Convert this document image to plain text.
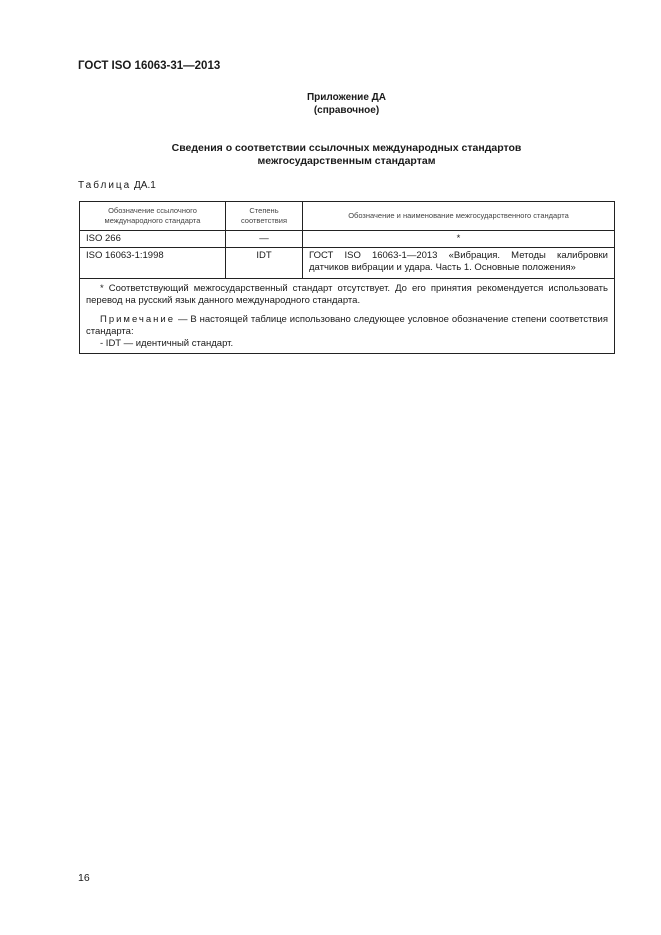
ГОСТ ISO 16063-31—2013
Приложение ДА
(справочное)
Сведения о соответствии ссылочных международных стандартов
межгосударственным стандартам
Таблица ДА.1
Обозначение ссылочного международного стандарта	Степень соответствия	Обозначение и наименование межгосударственного стандарта
ISO 266	—	*
ISO 16063-1:1998	IDT	ГОСТ ISO 16063-1—2013 «Вибрация. Методы калибровки датчиков вибрации и удара. Часть 1. Основные положения»

* Соответствующий межгосударственный стандарт отсутствует. До его принятия рекомендуется использовать перевод на русский язык данного международного стандарта.

Примечание — В настоящей таблице использовано следующее условное обозначение степени соответствия стандарта:

- IDT — идентичный стандарт.		

16
